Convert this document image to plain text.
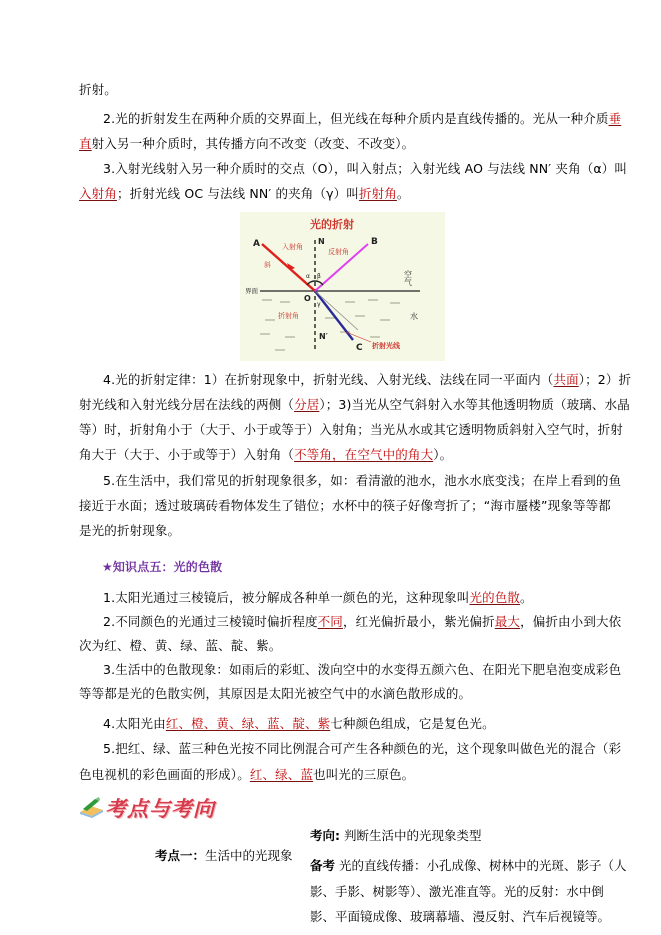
折射。
2.光的折射发生在两种介质的交界面上，但光线在每种介质内是直线传播的。光从一种介质垂
直射入另一种介质时，其传播方向不改变（改变、不改变）。
3.入射光线射入另一种介质时的交点（O），叫入射点；入射光线 AO 与法线 NN′ 夹角（α）叫
入射角；折射光线 OC 与法线 NN′ 的夹角（γ）叫折射角。
光的折射
A	B
C
N
N′
O
入射角
反射角
折射角
斜
界面
空气
水
折射光线
α β
γ
4.光的折射定律：1）在折射现象中，折射光线、入射光线、法线在同一平面内（共面）；2）折
射光线和入射光线分居在法线的两侧（分居）；3)当光从空气斜射入水等其他透明物质（玻璃、水晶
等）时，折射角小于（大于、小于或等于）入射角；当光从水或其它透明物质斜射入空气时，折射
角大于（大于、小于或等于）入射角（不等角，在空气中的角大）。
5.在生活中，我们常见的折射现象很多，如：看清澈的池水，池水水底变浅；在岸上看到的鱼
接近于水面；透过玻璃砖看物体发生了错位；水杯中的筷子好像弯折了；“海市蜃楼”现象等等都
是光的折射现象。
★知识点五：光的色散
1.太阳光通过三棱镜后，被分解成各种单一颜色的光，这种现象叫光的色散。
2.不同颜色的光通过三棱镜时偏折程度不同，红光偏折最小，紫光偏折最大，偏折由小到大依
次为红、橙、黄、绿、蓝、靛、紫。
3.生活中的色散现象：如雨后的彩虹、泼向空中的水变得五颜六色、在阳光下肥皂泡变成彩色
等等都是光的色散实例，其原因是太阳光被空气中的水滴色散形成的。
4.太阳光由红、橙、黄、绿、蓝、靛、紫七种颜色组成，它是复色光。
5.把红、绿、蓝三种色光按不同比例混合可产生各种颜色的光，这个现象叫做色光的混合（彩
色电视机的彩色画面的形成）。红、绿、蓝也叫光的三原色。
考点与考向
考点一：生活中的光现象
考向: 判断生活中的光现象类型
备考 光的直线传播：小孔成像、树林中的光斑、影子（人
影、手影、树影等）、激光准直等。光的反射：水中倒
影、平面镜成像、玻璃幕墙、漫反射、汽车后视镜等。
